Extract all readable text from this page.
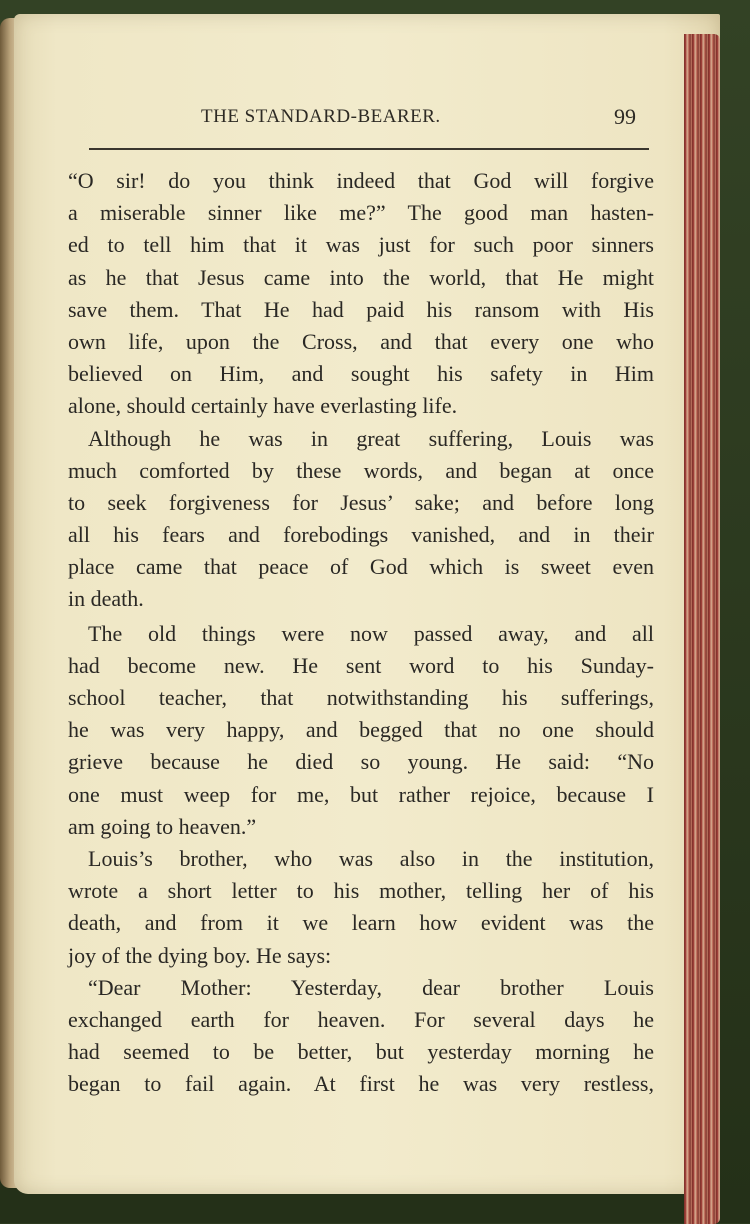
THE STANDARD-BEARER.	99
“O sir! do you think indeed that God will forgive
a miserable sinner like me?” The good man hasten-
ed to tell him that it was just for such poor sinners
as he that Jesus came into the world, that He might
save them. That He had paid his ransom with His
own life, upon the Cross, and that every one who
believed on Him, and sought his safety in Him
alone, should certainly have everlasting life.
Although he was in great suffering, Louis was
much comforted by these words, and began at once
to seek forgiveness for Jesus’ sake; and before long
all his fears and forebodings vanished, and in their
place came that peace of God which is sweet even
in death.
The old things were now passed away, and all
had become new. He sent word to his Sunday-
school teacher, that notwithstanding his sufferings,
he was very happy, and begged that no one should
grieve because he died so young. He said: “No
one must weep for me, but rather rejoice, because I
am going to heaven.”
Louis’s brother, who was also in the institution,
wrote a short letter to his mother, telling her of his
death, and from it we learn how evident was the
joy of the dying boy. He says:
“Dear Mother: Yesterday, dear brother Louis
exchanged earth for heaven. For several days he
had seemed to be better, but yesterday morning he
began to fail again. At first he was very restless,
